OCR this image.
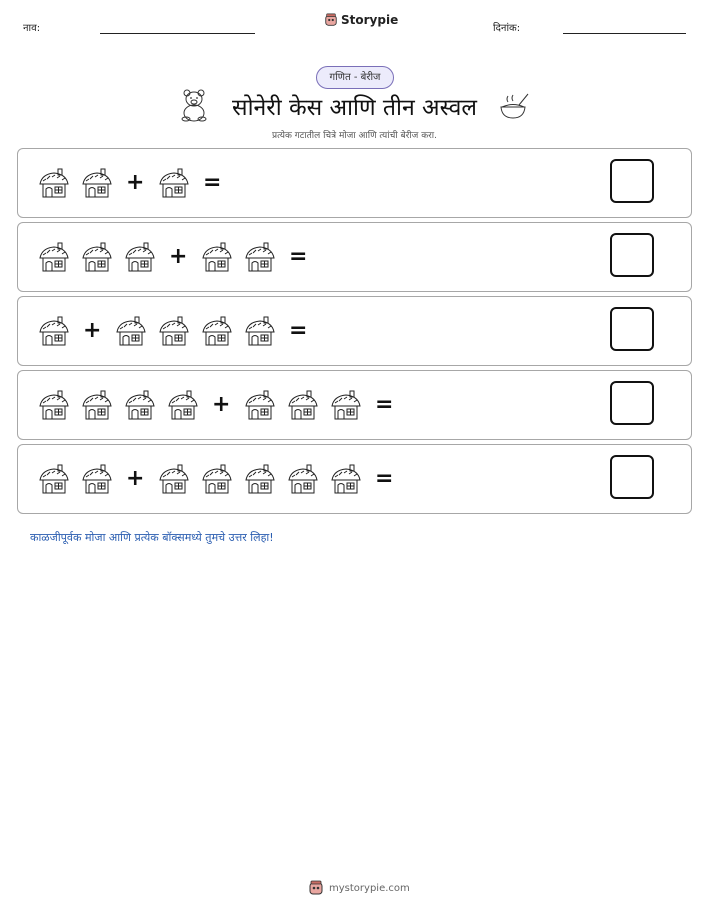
नाव:
Storypie
दिनांक:
गणित - बेरीज
सोनेरी केस आणि तीन अस्वल
प्रत्येक गटातील चित्रे मोजा आणि त्यांची बेरीज करा.
+	=
+	=
+	=
+	=
+	=
काळजीपूर्वक मोजा आणि प्रत्येक बॉक्समध्ये तुमचे उत्तर लिहा!
mystorypie.com
